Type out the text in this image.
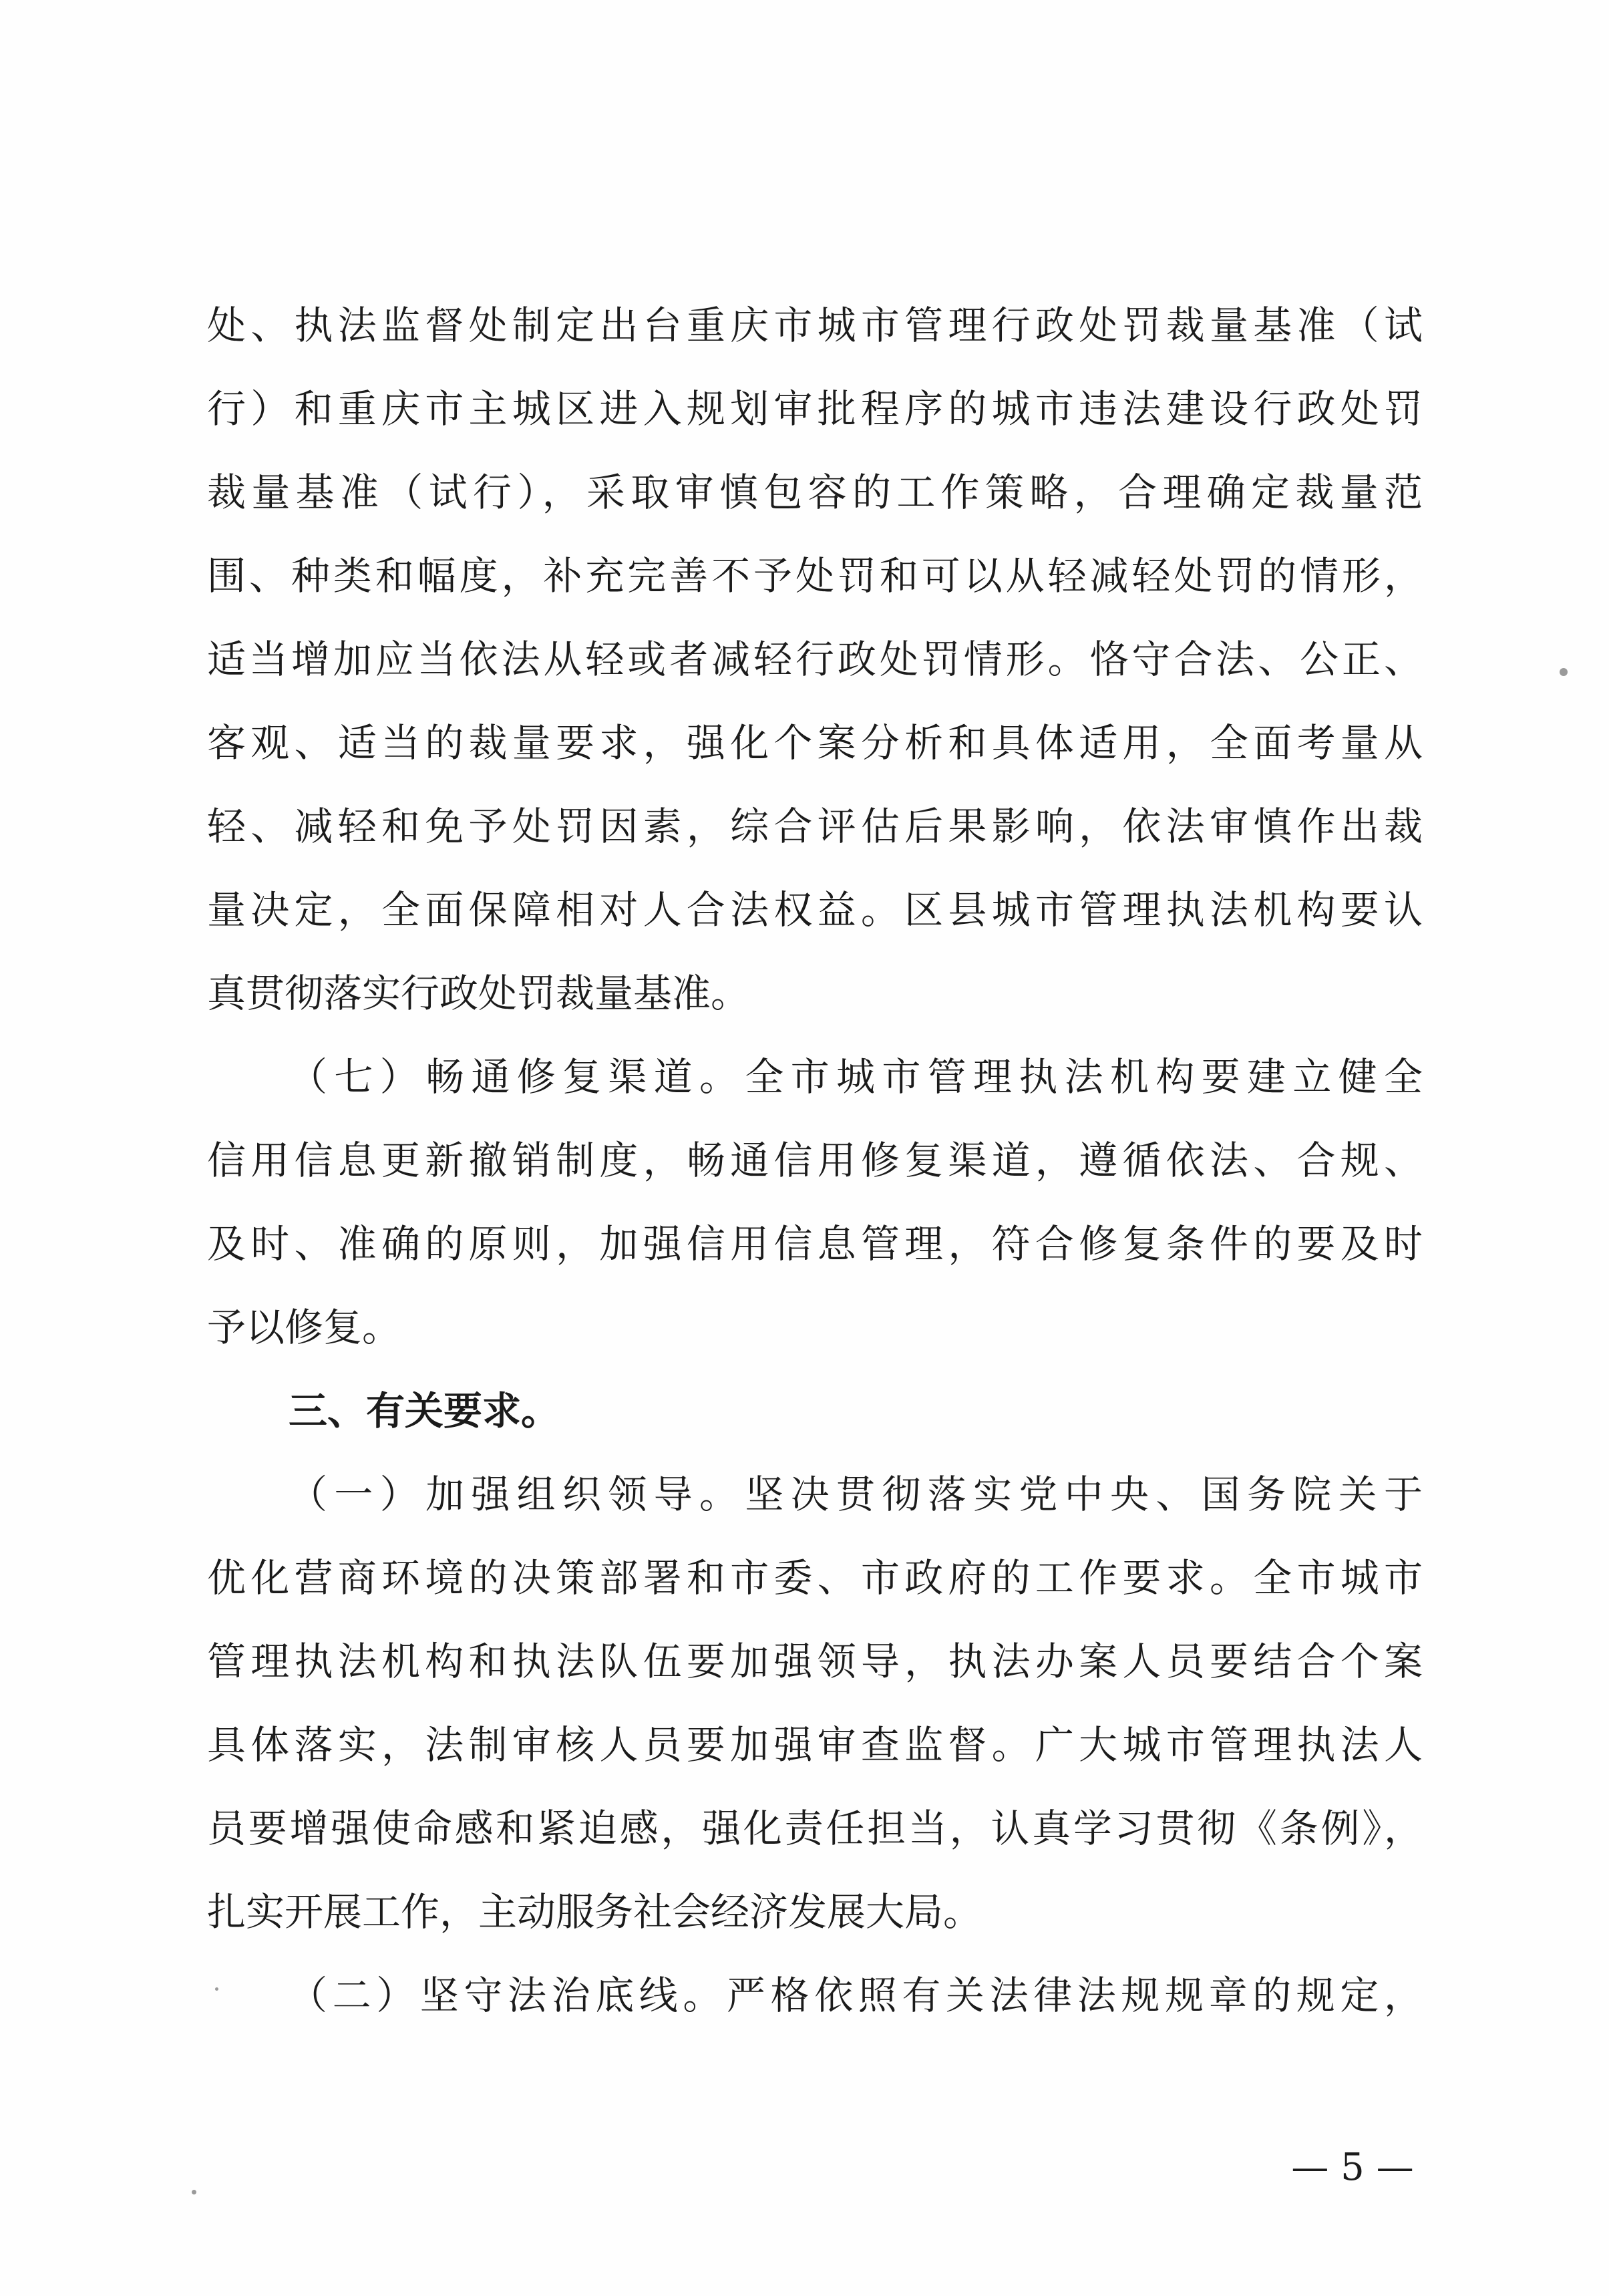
处、执法监督处制定出台重庆市城市管理行政处罚裁量基准（试
行）和重庆市主城区进入规划审批程序的城市违法建设行政处罚
裁量基准（试行），采取审慎包容的工作策略，合理确定裁量范
围、种类和幅度，补充完善不予处罚和可以从轻减轻处罚的情形，
适当增加应当依法从轻或者减轻行政处罚情形。恪守合法、公正、
客观、适当的裁量要求，强化个案分析和具体适用，全面考量从
轻、减轻和免予处罚因素，综合评估后果影响，依法审慎作出裁
量决定，全面保障相对人合法权益。区县城市管理执法机构要认
真贯彻落实行政处罚裁量基准。
（七）畅通修复渠道。全市城市管理执法机构要建立健全
信用信息更新撤销制度，畅通信用修复渠道，遵循依法、合规、
及时、准确的原则，加强信用信息管理，符合修复条件的要及时
予以修复。
三、有关要求。
（一）加强组织领导。坚决贯彻落实党中央、国务院关于
优化营商环境的决策部署和市委、市政府的工作要求。全市城市
管理执法机构和执法队伍要加强领导，执法办案人员要结合个案
具体落实，法制审核人员要加强审查监督。广大城市管理执法人
员要增强使命感和紧迫感，强化责任担当，认真学习贯彻《条例》，
扎实开展工作，主动服务社会经济发展大局。
（二）坚守法治底线。严格依照有关法律法规规章的规定，
— 5 —
